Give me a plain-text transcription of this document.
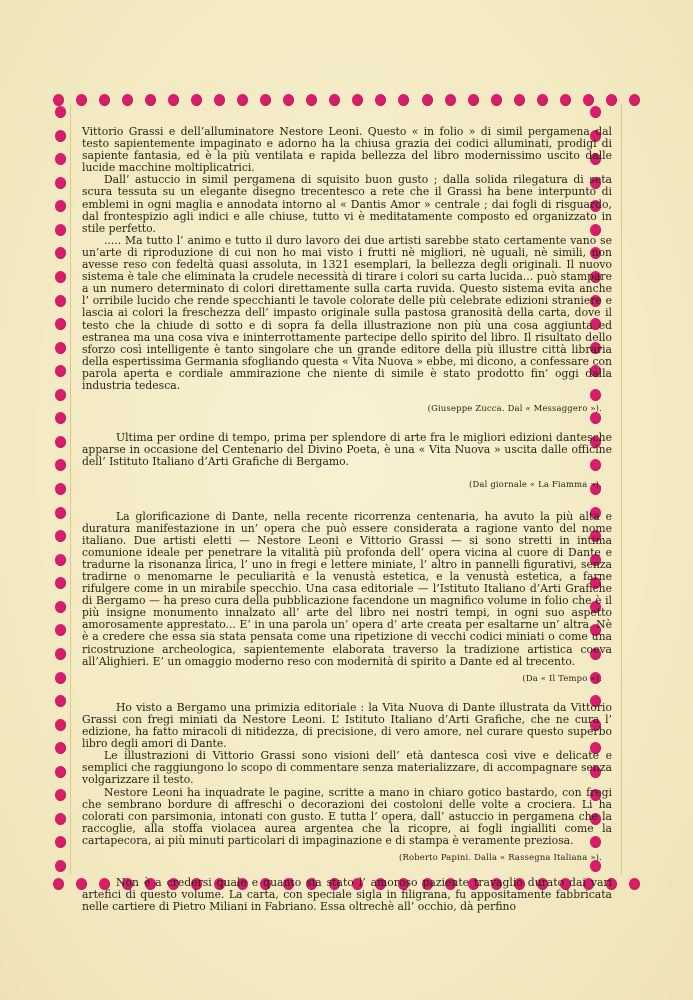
Vittorio Grassi e dell’alluminatore Nestore Leoni. Questo « in folio » di simil pergamena dal testo sapientemente impaginato e adorno ha la chiusa grazia dei codici alluminati, prodigi di sapiente fantasia, ed è la più ventilata e rapida bellezza del libro modernissimo uscito dalle lucide macchine moltiplicatrici.

Dall’ astuccio in simil pergamena di squisito buon gusto ; dalla solida rilegatura di seta scura tessuta su un elegante disegno trecentesco a rete che il Grassi ha bene interpunto di emblemi in ogni maglia e annodata intorno al « Dantis Amor » centrale ; dai fogli di risguardo, dal frontespizio agli indici e alle chiuse, tutto vi è meditatamente composto ed organizzato in stile perfetto.

..... Ma tutto l’ animo e tutto il duro lavoro dei due artisti sarebbe stato certamente vano se un’arte di riproduzione di cui non ho mai visto i frutti nè migliori, nè uguali, nè simili, non avesse reso con fedeltà quasi assoluta, in 1321 esemplari, la bellezza degli originali. Il nuovo sistema è tale che eliminata la crudele necessità di tirare i colori su carta lucida... può stampare a un numero determinato di colori direttamente sulla carta ruvida. Questo sistema evita anche l’ orribile lucido che rende specchianti le tavole colorate delle più celebrate edizioni straniere e lascia ai colori la freschezza dell’ impasto originale sulla pastosa granosità della carta, dove il testo che la chiude di sotto e di sopra fa della illustrazione non più una cosa aggiunta ed estranea ma una cosa viva e ininterrottamente partecipe dello spirito del libro. Il risultato dello sforzo così intelligente è tanto singolare che un grande editore della più illustre città libraria della espertissima Germania sfogliando questa « Vita Nuova » ebbe, mi dicono, a confessare con parola aperta e cordiale ammirazione che niente di simile è stato prodotto fin’ oggi dalla industria tedesca.

(Giuseppe Zucca. Dal « Messaggero »).

Ultima per ordine di tempo, prima per splendore di arte fra le migliori edizioni dantesche apparse in occasione del Centenario del Divino Poeta, è una « Vita Nuova » uscita dalle officine dell’ Istituto Italiano d’Arti Grafiche di Bergamo.

(Dal giornale « La Fiamma »).

La glorificazione di Dante, nella recente ricorrenza centenaria, ha avuto la più alta e duratura manifestazione in un’ opera che può essere considerata a ragione vanto del nome italiano. Due artisti eletti — Nestore Leoni e Vittorio Grassi — si sono stretti in intima comunione ideale per penetrare la vitalità più profonda dell’ opera vicina al cuore di Dante e tradurne la risonanza lirica, l’ uno in fregi e lettere miniate, l’ altro in pannelli figurativi, senza tradirne o menomarne le peculiarità e la venustà estetica, e la venustà estetica, a farne rifulgere come in un mirabile specchio. Una casa editoriale — l’Istituto Italiano d’Arti Grafiche di Bergamo — ha preso cura della pubblicazione facendone un magnifico volume in folio che è il più insigne monumento innalzato all’ arte del libro nei nostri tempi, in ogni suo aspetto amorosamente apprestato... E’ in una parola un’ opera d’ arte creata per esaltarne un’ altra. Nè è a credere che essa sia stata pensata come una ripetizione di vecchi codici miniati o come una ricostruzione archeologica, sapientemente elaborata traverso la tradizione artistica coeva all’Alighieri. E’ un omaggio moderno reso con modernità di spirito a Dante ed al trecento.

(Da « Il Tempo »).

Ho visto a Bergamo una primizia editoriale : la Vita Nuova di Dante illustrata da Vittorio Grassi con fregi miniati da Nestore Leoni. L’ Istituto Italiano d’Arti Grafiche, che ne cura l’ edizione, ha fatto miracoli di nitidezza, di precisione, di vero amore, nel curare questo superbo libro degli amori di Dante.

Le illustrazioni di Vittorio Grassi sono visioni dell’ età dantesca così vive e delicate e semplici che raggiungono lo scopo di commentare senza materializzare, di accompagnare senza volgarizzare il testo.

Nestore Leoni ha inquadrate le pagine, scritte a mano in chiaro gotico bastardo, con fregi che sembrano bordure di affreschi o decorazioni dei costoloni delle volte a crociera. Li ha colorati con parsimonia, intonati con gusto. E tutta l’ opera, dall’ astuccio in pergamena che la raccoglie, alla stoffa violacea aurea argentea che la ricopre, ai fogli ingialliti come la cartapecora, ai più minuti particolari di impaginazione e di stampa è veramente preziosa.

(Roberto Papini. Dalla « Rassegna Italiana »).

Non è a credersi quale e quanto sia stato l’ amoroso paziente travaglio durato dai vari artefici di questo volume. La carta, con speciale sigla in filigrana, fu appositamente fabbricata nelle cartiere di Pietro Miliani in Fabriano. Essa oltrechè all’ occhio, dà perfino
